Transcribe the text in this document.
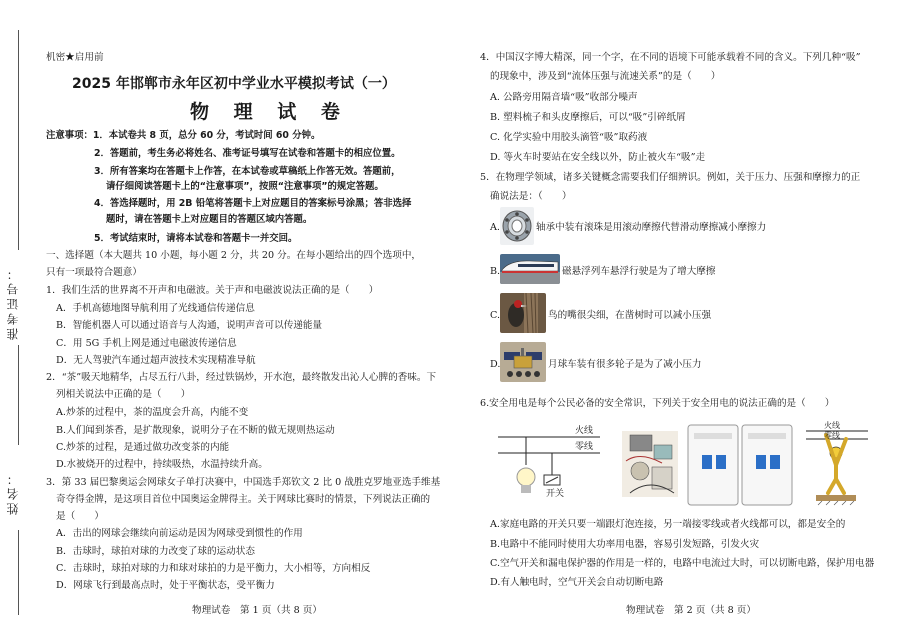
准考证号：
姓名：
机密★启用前
2025 年邯郸市永年区初中学业水平模拟考试（一）
物 理 试 卷
注意事项：1．本试卷共 8 页，总分 60 分，考试时间 60 分钟。
2．答题前，考生务必将姓名、准考证号填写在试卷和答题卡的相应位置。
3．所有答案均在答题卡上作答，在本试卷或草稿纸上作答无效。答题前，
请仔细阅读答题卡上的“注意事项”，按照“注意事项”的规定答题。
4．答选择题时，用 2B 铅笔将答题卡上对应题目的答案标号涂黑；答非选择
题时，请在答题卡上对应题目的答题区域内答题。
5．考试结束时，请将本试卷和答题卡一并交回。
一、选择题（本大题共 10 小题，每小题 2 分，共 20 分。在每小题给出的四个选项中，
只有一项最符合题意）
1．我们生活的世界离不开声和电磁波。关于声和电磁波说法正确的是（　　）
A．手机高德地图导航利用了光线通信传递信息
B．智能机器人可以通过语音与人沟通，说明声音可以传递能量
C．用 5G 手机上网是通过电磁波传递信息
D．无人驾驶汽车通过超声波技术实现精准导航
2．“茶”吸天地精华，占尽五行八卦，经过铁锅炒，开水泡，最终散发出沁人心脾的香味。下
列相关说法中正确的是（　　）
A.炒茶的过程中，茶的温度会升高，内能不变
B.人们闻到茶香，是扩散现象，说明分子在不断的做无规则热运动
C.炒茶的过程，是通过做功改变茶的内能
D.水被烧开的过程中，持续吸热，水温持续升高。
3．第 33 届巴黎奥运会网球女子单打决赛中，中国选手郑钦文 2 比 0 战胜克罗地亚选手维基
奇夺得金牌，是这项目首位中国奥运金牌得主。关于网球比赛时的情景，下列说法正确的
是（　　）
A．击出的网球会继续向前运动是因为网球受到惯性的作用
B．击球时，球拍对球的力改变了球的运动状态
C．击球时，球拍对球的力和球对球拍的力是平衡力，大小相等，方向相反
D．网球飞行到最高点时，处于平衡状态，受平衡力
物理试卷　第 1 页（共 8 页）
4．中国汉字博大精深，同一个字，在不同的语境下可能承载着不同的含义。下列几种“吸”
的现象中，涉及到“流体压强与流速关系”的是（　　）
A. 公路旁用隔音墙“吸”收部分噪声
B. 塑料梳子和头皮摩擦后，可以“吸”引碎纸屑
C. 化学实验中用胶头滴管“吸”取药液
D. 等火车时要站在安全线以外，防止被火车“吸”走
5．在物理学领域，诸多关键概念需要我们仔细辨识。例如，关于压力、压强和摩擦力的正
确说法是：（　　）
A.	轴承中装有滚珠是用滚动摩擦代替滑动摩擦减小摩擦力
B.	磁悬浮列车悬浮行驶是为了增大摩擦
C.	鸟的嘴很尖细，在凿树时可以减小压强
D.	月球车装有很多轮子是为了减小压力
6.安全用电是每个公民必备的安全常识，下列关于安全用电的说法正确的是（　　）
火线
零线
开关
火线
零线
A.家庭电路的开关只要一端跟灯泡连接，另一端接零线或者火线都可以，都是安全的
B.电路中不能同时使用大功率用电器，容易引发短路，引发火灾
C.空气开关和漏电保护器的作用是一样的，电路中电流过大时，可以切断电路，保护用电器
D.有人触电时，空气开关会自动切断电路
物理试卷　第 2 页（共 8 页）
